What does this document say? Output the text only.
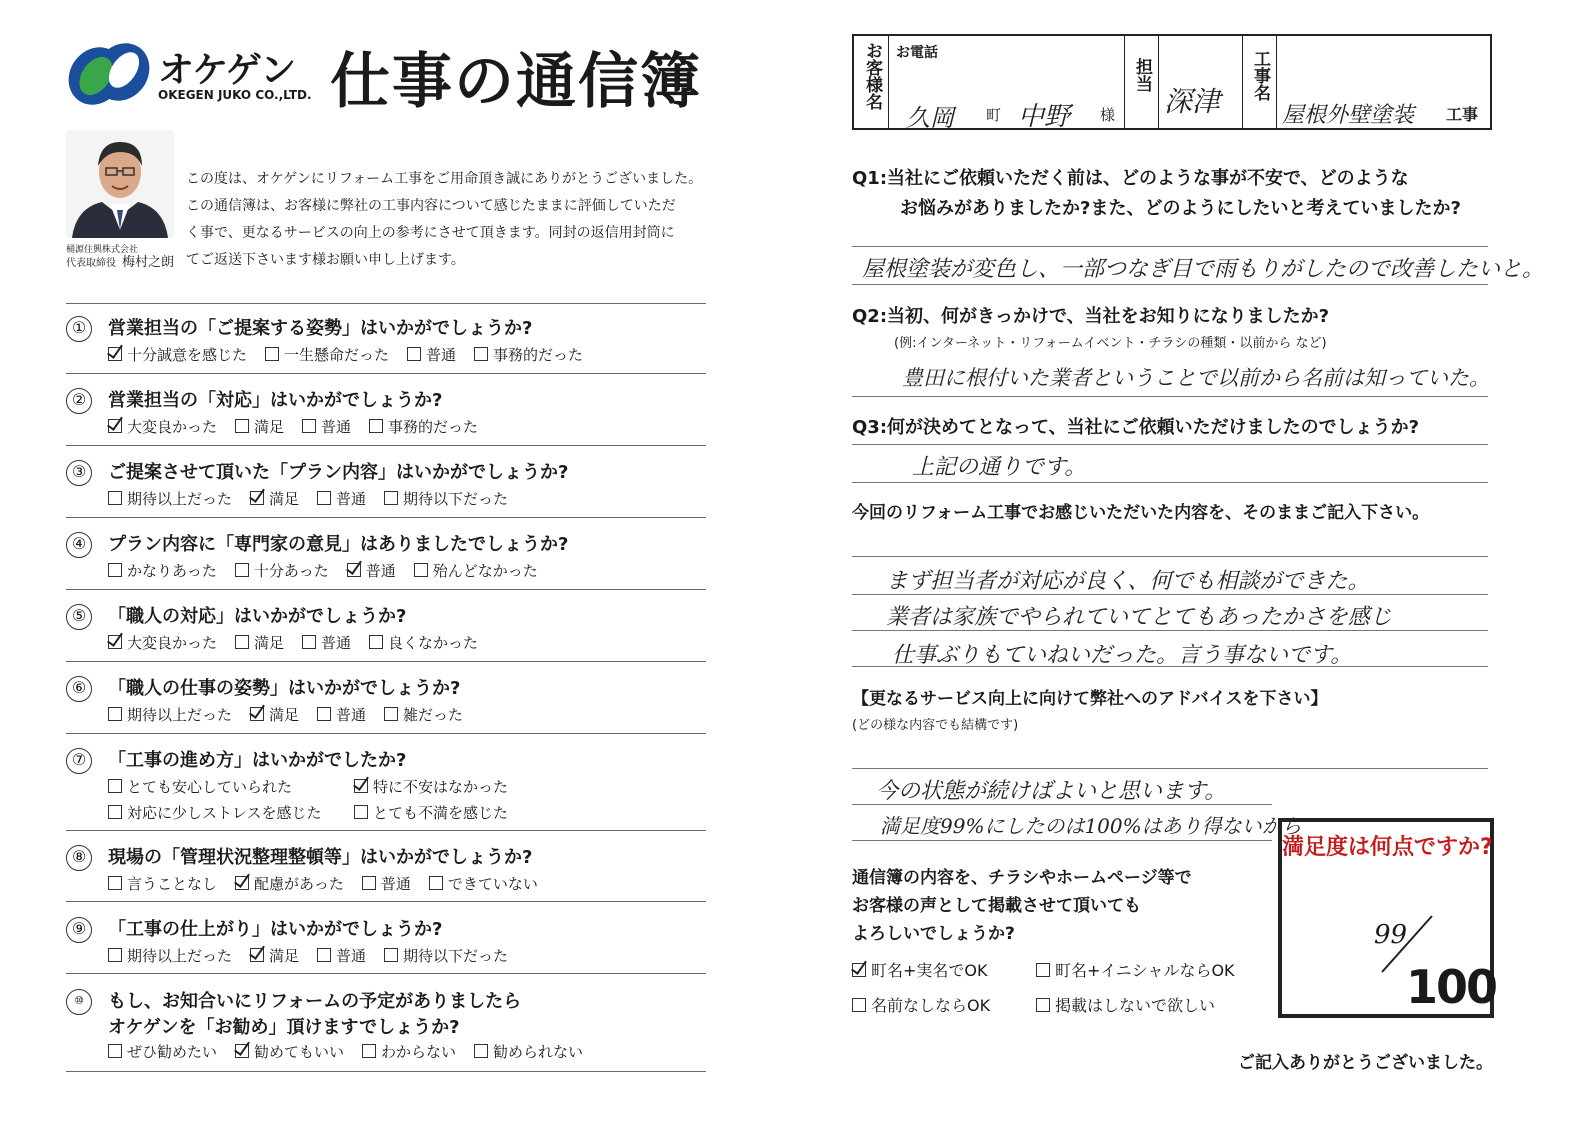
オケゲン
OKEGEN JUKO CO.,LTD. 仕事の通信簿
桶源住興株式会社
代表取締役 梅村之朗
この度は、オケゲンにリフォーム工事をご用命頂き誠にありがとうございました。
この通信簿は、お客様に弊社の工事内容について感じたままに評価していただ
く事で、更なるサービスの向上の参考にさせて頂きます。同封の返信用封筒に
てご返送下さいます様お願い申し上げます。
①	営業担当の「ご提案する姿勢」はいかがでしょうか?
十分誠意を感じた 一生懸命だった 普通 事務的だった
②	営業担当の「対応」はいかがでしょうか?
大変良かった 満足 普通 事務的だった
③	ご提案させて頂いた「プラン内容」はいかがでしょうか?
期待以上だった 満足 普通 期待以下だった
④	プラン内容に「専門家の意見」はありましたでしょうか?
かなりあった 十分あった 普通 殆んどなかった
⑤	「職人の対応」はいかがでしょうか?
大変良かった 満足 普通 良くなかった
⑥	「職人の仕事の姿勢」はいかがでしょうか?
期待以上だった 満足 普通 雑だった
⑦	「工事の進め方」はいかがでしたか?
とても安心していられた	特に不安はなかった
対応に少しストレスを感じた	とても不満を感じた
⑧	現場の「管理状況整理整頓等」はいかがでしょうか?
言うことなし 配慮があった 普通 できていない
⑨	「工事の仕上がり」はいかがでしょうか?
期待以上だった 満足 普通 期待以下だった
⑩	もし、お知合いにリフォームの予定がありましたら
オケゲンを「お勧め」頂けますでしょうか?
ぜひ勧めたい 勧めてもいい わからない 勧められない
お客様名 お電話
久岡 町 中野 様
担当
深津
工事名
屋根外壁塗装 工事
Q1:当社にご依頼いただく前は、どのような事が不安で、どのような
お悩みがありましたか?また、どのようにしたいと考えていましたか?
屋根塗装が変色し、一部つなぎ目で雨もりがしたので改善したいと。
Q2:当初、何がきっかけで、当社をお知りになりましたか?
(例:インターネット・リフォームイベント・チラシの種類・以前から など)
豊田に根付いた業者ということで以前から名前は知っていた。
Q3:何が決めてとなって、当社にご依頼いただけましたのでしょうか?
上記の通りです。
今回のリフォーム工事でお感じいただいた内容を、そのままご記入下さい。
まず担当者が対応が良く、何でも相談ができた。
業者は家族でやられていてとてもあったかさを感じ
仕事ぶりもていねいだった。言う事ないです。
【更なるサービス向上に向けて弊社へのアドバイスを下さい】
(どの様な内容でも結構です)
今の状態が続けばよいと思います。
満足度99%にしたのは100%はあり得ないから
通信簿の内容を、チラシやホームページ等で
お客様の声として掲載させて頂いても
よろしいでしょうか?
町名+実名でOK	町名+イニシャルならOK
名前なしならOK	掲載はしないで欲しい
満足度は何点ですか?
99
100
ご記入ありがとうございました。
